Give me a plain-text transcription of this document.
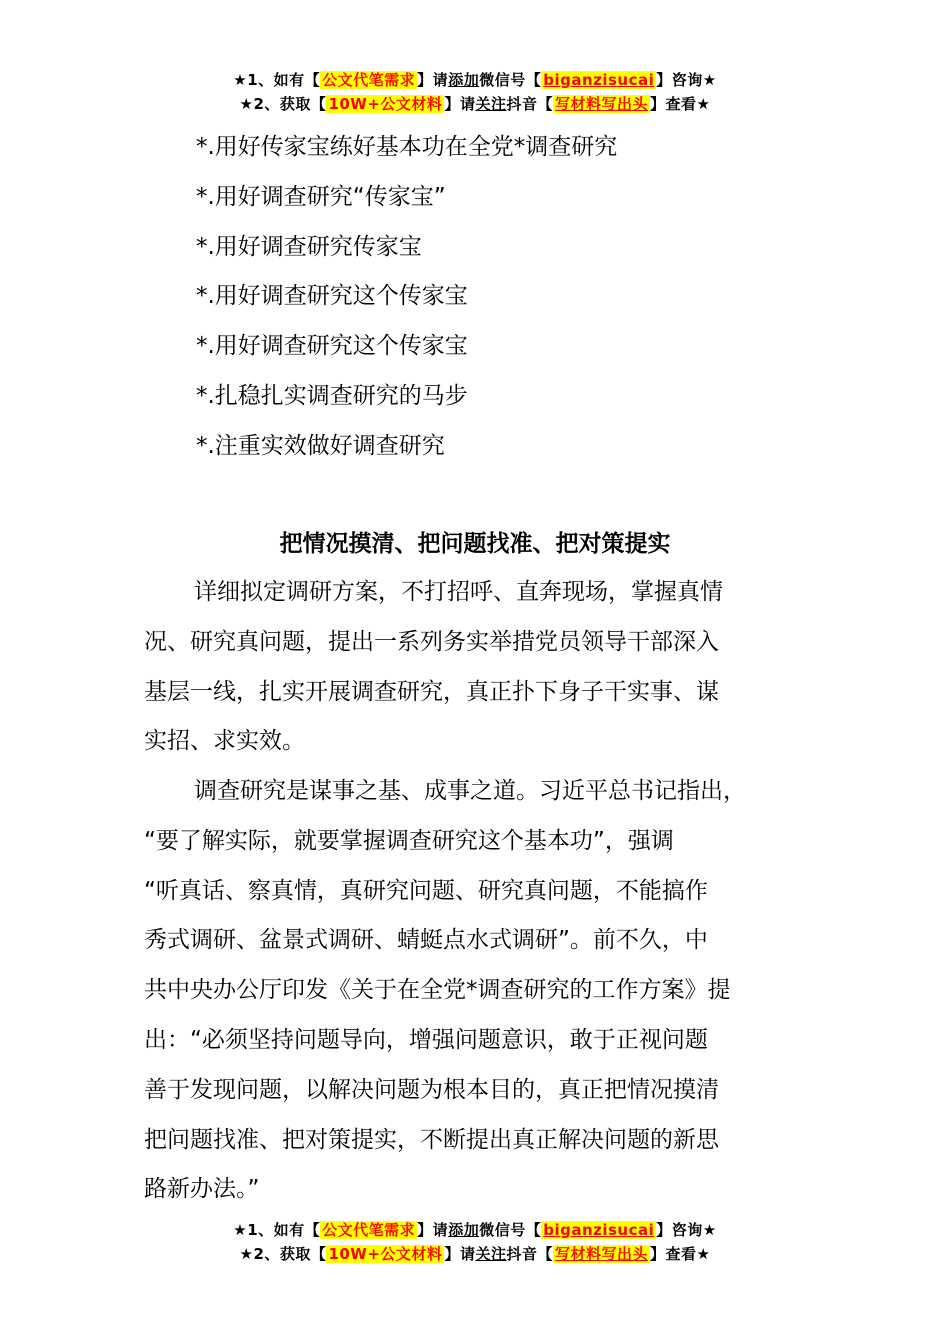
★1、如有【 公文代笔需求 】请添加微信号【 biganzisucai 】咨询★
★2、获取【 10W+公文材料 】请关注抖音【 写材料写出头 】查看★
*.用好传家宝练好基本功在全党*调查研究
*.用好调查研究“传家宝”
*.用好调查研究传家宝
*.用好调查研究这个传家宝
*.用好调查研究这个传家宝
*.扎稳扎实调查研究的马步
*.注重实效做好调查研究
把情况摸清、把问题找准、把对策提实
详细拟定调研方案，不打招呼、直奔现场，掌握真情
况、研究真问题，提出一系列务实举措党员领导干部深入
基层一线，扎实开展调查研究，真正扑下身子干实事、谋
实招、求实效。
调查研究是谋事之基、成事之道。习近平总书记指出，
“要了解实际，就要掌握调查研究这个基本功”，强调
“听真话、察真情，真研究问题、研究真问题，不能搞作
秀式调研、盆景式调研、蜻蜓点水式调研”。前不久，中
共中央办公厅印发《关于在全党*调查研究的工作方案》提
出：“必须坚持问题导向，增强问题意识，敢于正视问题
善于发现问题，以解决问题为根本目的，真正把情况摸清
把问题找准、把对策提实，不断提出真正解决问题的新思
路新办法。”
★1、如有【 公文代笔需求 】请添加微信号【 biganzisucai 】咨询★
★2、获取【 10W+公文材料 】请关注抖音【 写材料写出头 】查看★
